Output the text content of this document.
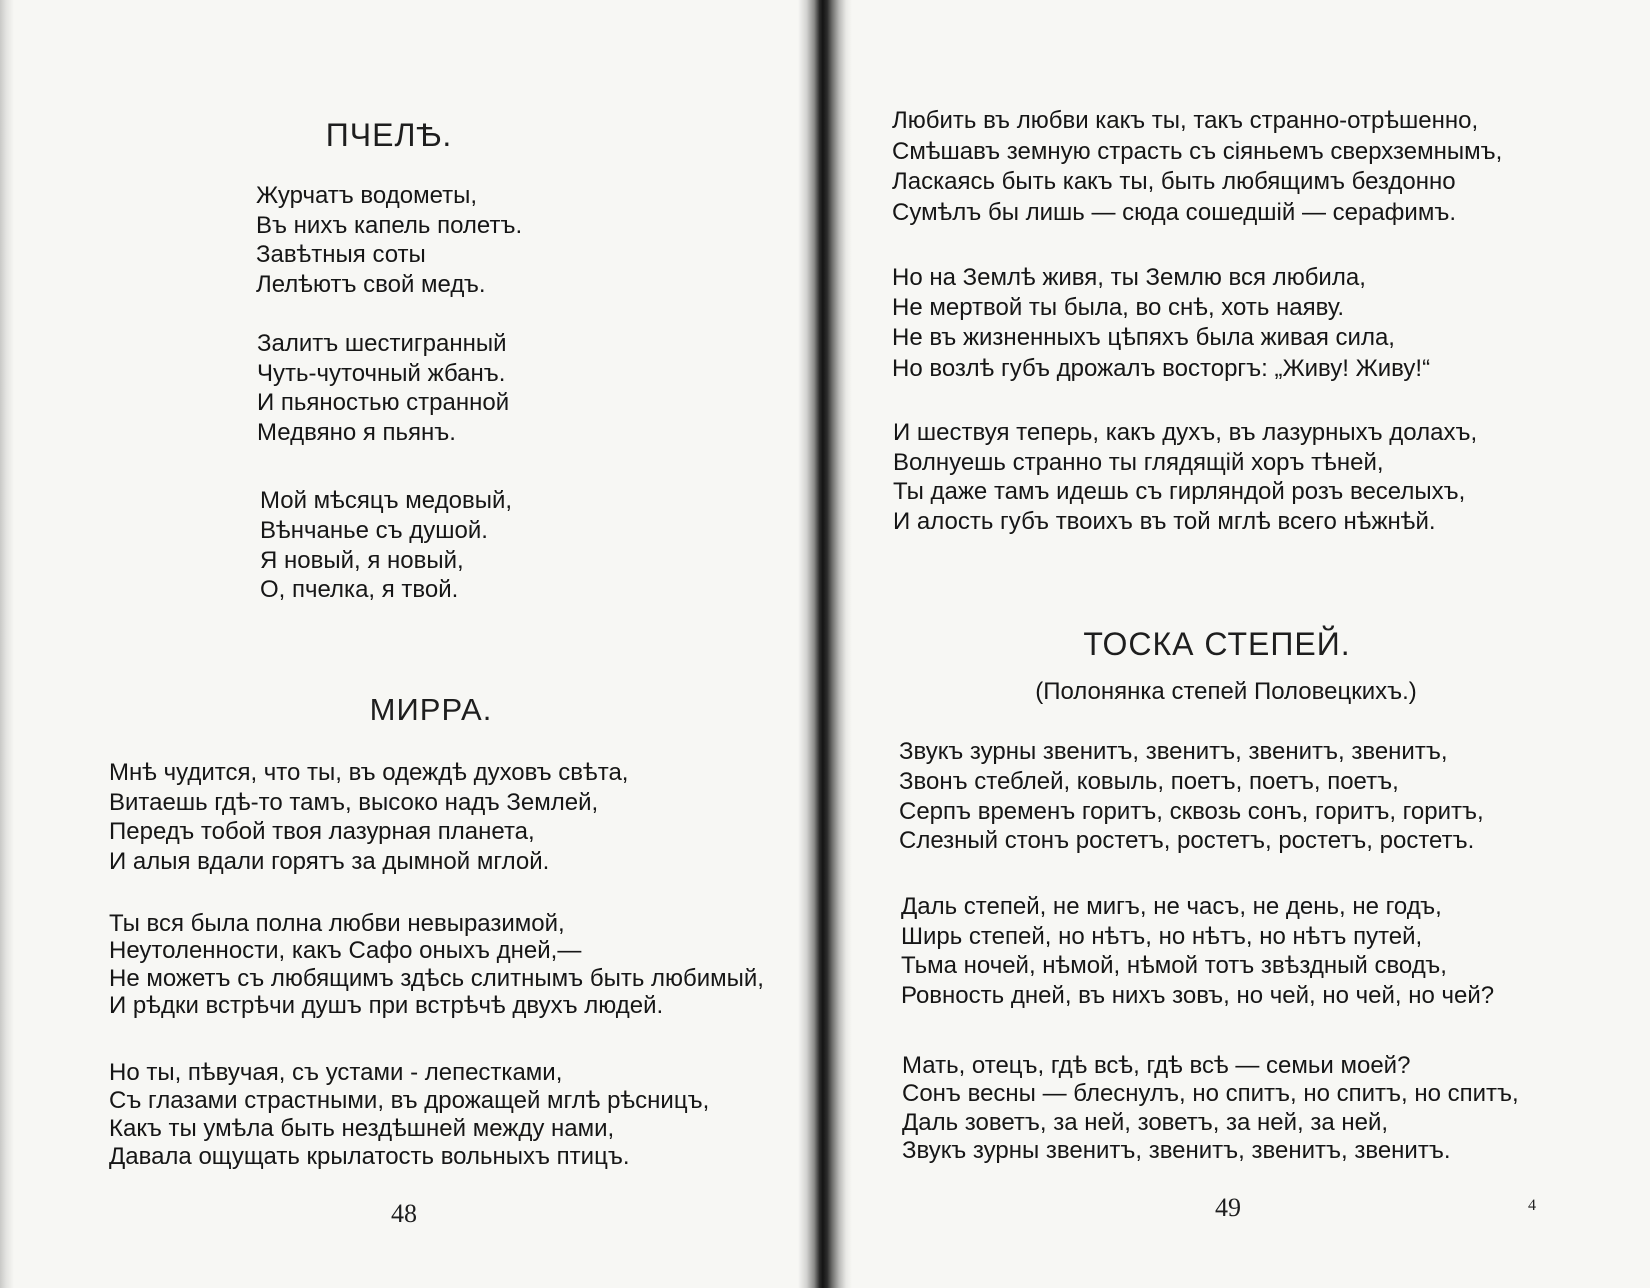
ПЧЕЛѢ.
Журчатъ водометы,
Въ нихъ капель полетъ.
Завѣтныя соты
Лелѣютъ свой медъ.
Залитъ шестигранный
Чуть-чуточный жбанъ.
И пьяностью странной
Медвяно я пьянъ.
Мой мѣсяцъ медовый,
Вѣнчанье съ душой.
Я новый, я новый,
О, пчелка, я твой.
МИРРА.
Мнѣ чудится, что ты, въ одеждѣ духовъ свѣта,
Витаешь гдѣ-то тамъ, высоко надъ Землей,
Передъ тобой твоя лазурная планета,
И алыя вдали горятъ за дымной мглой.
Ты вся была полна любви невыразимой,
Неутоленности, какъ Сафо оныхъ дней,—
Не можетъ съ любящимъ здѣсь слитнымъ быть любимый,
И рѣдки встрѣчи душъ при встрѣчѣ двухъ людей.
Но ты, пѣвучая, съ устами - лепестками,
Съ глазами страстными, въ дрожащей мглѣ рѣсницъ,
Какъ ты умѣла быть нездѣшней между нами,
Давала ощущать крылатость вольныхъ птицъ.
48
Любить въ любви какъ ты, такъ странно-отрѣшенно,
Смѣшавъ земную страсть съ сіяньемъ сверхземнымъ,
Ласкаясь быть какъ ты, быть любящимъ бездонно
Сумѣлъ бы лишь — сюда сошедшій — серафимъ.
Но на Землѣ живя, ты Землю вся любила,
Не мертвой ты была, во снѣ, хоть наяву.
Не въ жизненныхъ цѣпяхъ была живая сила,
Но возлѣ губъ дрожалъ восторгъ: „Живу! Живу!“
И шествуя теперь, какъ духъ, въ лазурныхъ долахъ,
Волнуешь странно ты глядящій хоръ тѣней,
Ты даже тамъ идешь съ гирляндой розъ веселыхъ,
И алость губъ твоихъ въ той мглѣ всего нѣжнѣй.
ТОСКА СТЕПЕЙ.
(Полонянка степей Половецкихъ.)
Звукъ зурны звенитъ, звенитъ, звенитъ, звенитъ,
Звонъ стеблей, ковыль, поетъ, поетъ, поетъ,
Серпъ временъ горитъ, сквозь сонъ, горитъ, горитъ,
Слезный стонъ ростетъ, ростетъ, ростетъ, ростетъ.
Даль степей, не мигъ, не часъ, не день, не годъ,
Ширь степей, но нѣтъ, но нѣтъ, но нѣтъ путей,
Тьма ночей, нѣмой, нѣмой тотъ звѣздный сводъ,
Ровность дней, въ нихъ зовъ, но чей, но чей, но чей?
Мать, отецъ, гдѣ всѣ, гдѣ всѣ — семьи моей?
Сонъ весны — блеснулъ, но спитъ, но спитъ, но спитъ,
Даль зоветъ, за ней, зоветъ, за ней, за ней,
Звукъ зурны звенитъ, звенитъ, звенитъ, звенитъ.
49	4
